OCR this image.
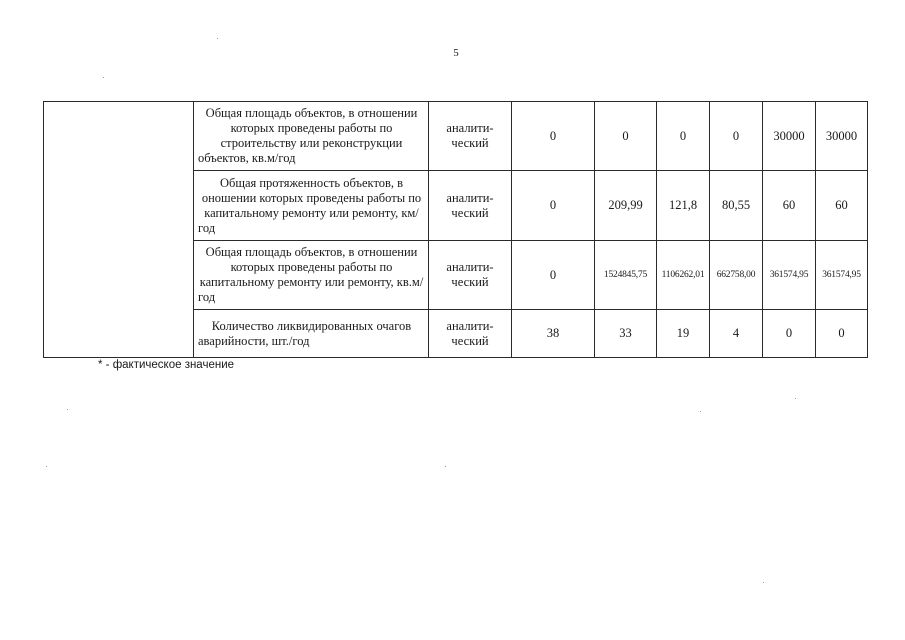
5
	Общая площадь объектов, в отношении которых проведены работы по строительству или реконструкции объектов, кв.м/год	аналити-ческий	0	0	0	0	30000	30000
	Общая протяженность объектов, в оношении которых проведены работы по капитальному ремонту или ремонту, км/год	аналити-ческий	0	209,99	121,8	80,55	60	60
	Общая площадь объектов, в отношении которых проведены работы по капитальному ремонту или ремонту, кв.м/год	аналити-ческий	0	1524845,75	1106262,01	662758,00	361574,95	361574,95
	Количество ликвидированных очагов аварийности, шт./год	аналити-ческий	38	33	19	4	0	0
* - фактическое значение
